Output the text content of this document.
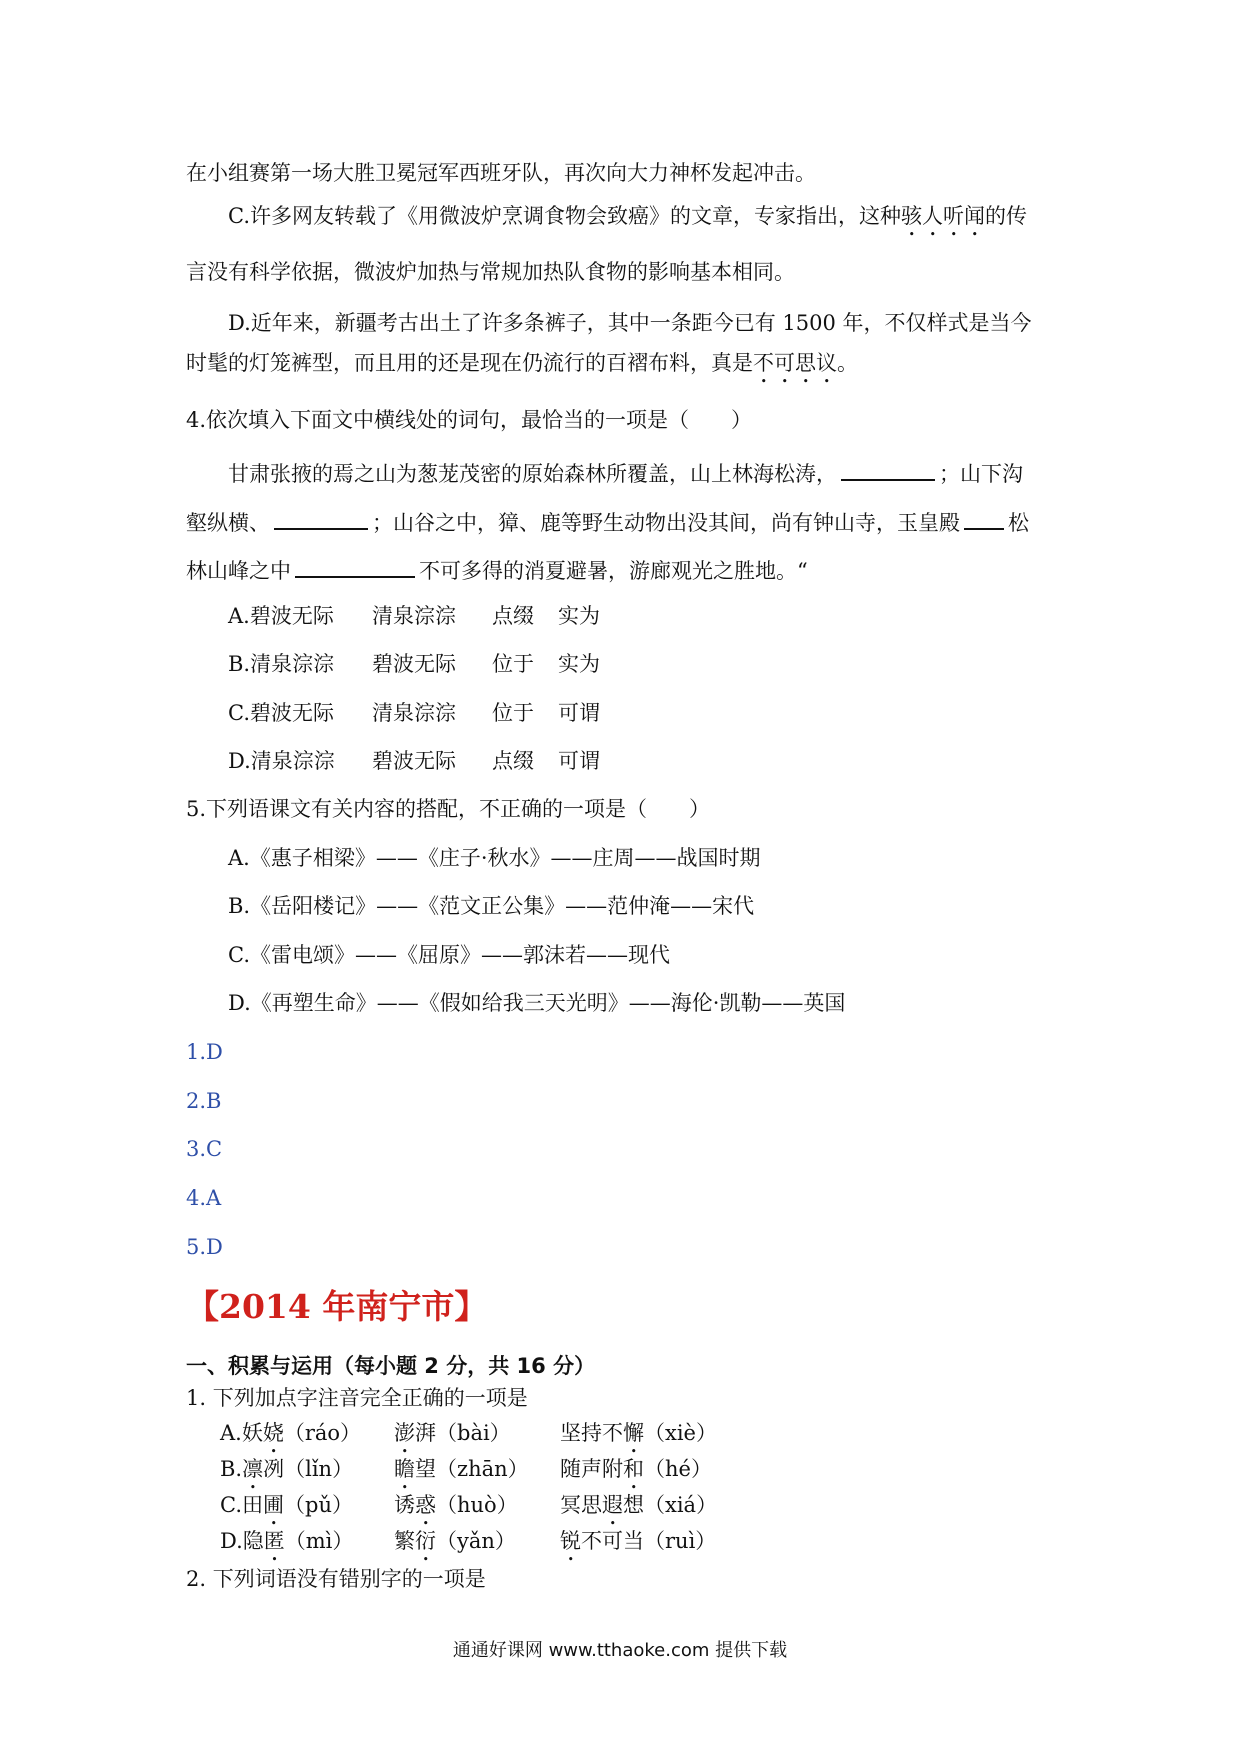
在小组赛第一场大胜卫冕冠军西班牙队，再次向大力神杯发起冲击。
C.许多网友转载了《用微波炉烹调食物会致癌》的文章，专家指出，这种骇人听闻的传
言没有科学依据，微波炉加热与常规加热队食物的影响基本相同。
D.近年来，新疆考古出土了许多条裤子，其中一条距今已有 1500 年，不仅样式是当今
时髦的灯笼裤型，而且用的还是现在仍流行的百褶布料，真是不可思议。
4.依次填入下面文中横线处的词句，最恰当的一项是（　　）
甘肃张掖的焉之山为葱茏茂密的原始森林所覆盖，山上林海松涛，	；山下沟
壑纵横、	；山谷之中，獐、鹿等野生动物出没其间，尚有钟山寺，玉皇殿 松
林山峰之中	不可多得的消夏避暑，游廊观光之胜地。“
A.碧波无际 清泉淙淙 点缀 实为
B.清泉淙淙 碧波无际 位于 实为
C.碧波无际 清泉淙淙 位于 可谓
D.清泉淙淙 碧波无际 点缀 可谓
5.下列语课文有关内容的搭配，不正确的一项是（　　）
A.《惠子相梁》——《庄子·秋水》——庄周——战国时期
B.《岳阳楼记》——《范文正公集》——范仲淹——宋代
C.《雷电颂》——《屈原》——郭沫若——现代
D.《再塑生命》——《假如给我三天光明》——海伦·凯勒——英国
1.D
2.B
3.C
4.A
5.D
【2014 年南宁市】
一、积累与运用（每小题 2 分，共 16 分）
1. 下列加点字注音完全正确的一项是
A.妖娆（ráo） 澎湃（bài） 坚持不懈（xiè）
B.凛冽（lǐn） 瞻望（zhān） 随声附和（hé）
C.田圃（pǔ） 诱惑（huò） 冥思遐想（xiá）
D.隐匿（mì） 繁衍（yǎn） 锐不可当（ruì）
2. 下列词语没有错别字的一项是
通通好课网 www.tthaoke.com 提供下载
